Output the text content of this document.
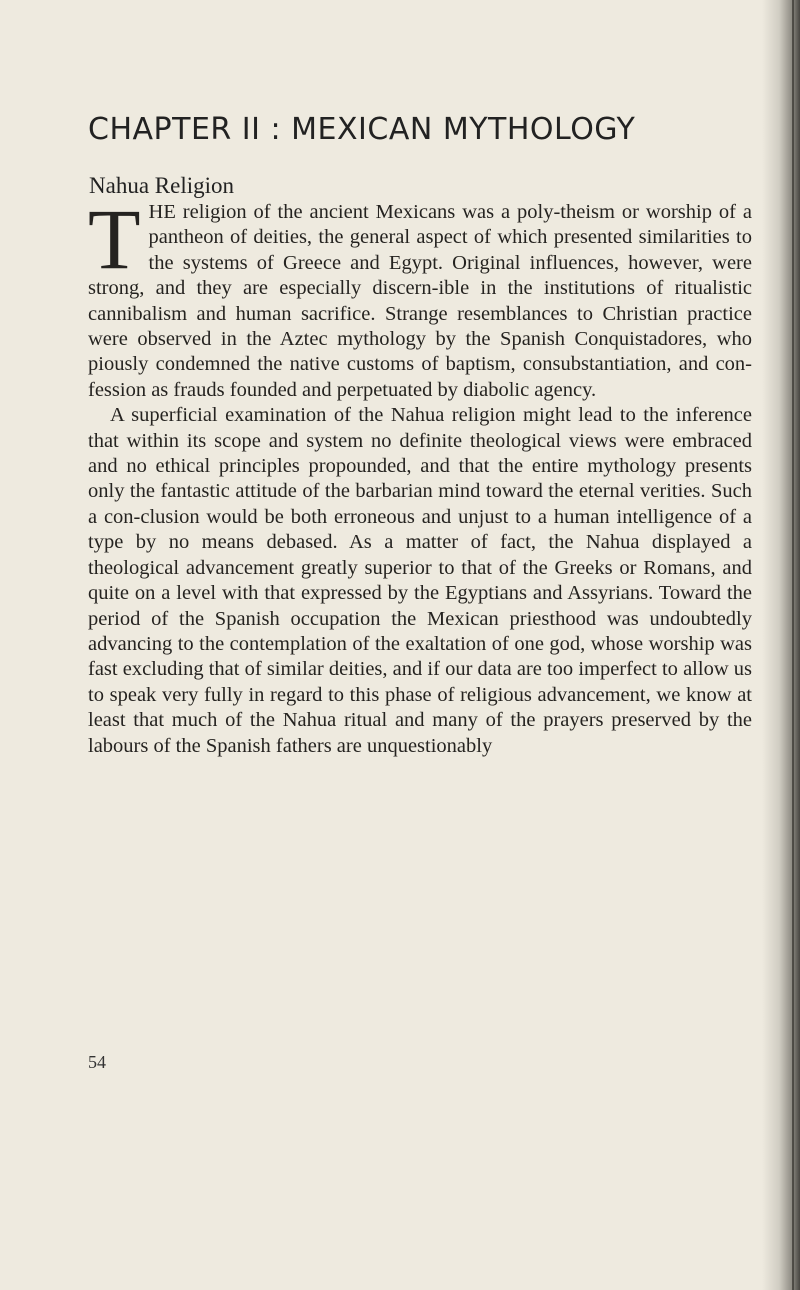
CHAPTER II : MEXICAN MYTHOLOGY
Nahua Religion

THE religion of the ancient Mexicans was a poly-theism or worship of a pantheon of deities, the general aspect of which presented similarities to the systems of Greece and Egypt. Original influences, however, were strong, and they are especially discern-ible in the institutions of ritualistic cannibalism and human sacrifice. Strange resemblances to Christian practice were observed in the Aztec mythology by the Spanish Conquistadores, who piously condemned the native customs of baptism, consubstantiation, and con-fession as frauds founded and perpetuated by diabolic agency.

A superficial examination of the Nahua religion might lead to the inference that within its scope and system no definite theological views were embraced and no ethical principles propounded, and that the entire mythology presents only the fantastic attitude of the barbarian mind toward the eternal verities. Such a con-clusion would be both erroneous and unjust to a human intelligence of a type by no means debased. As a matter of fact, the Nahua displayed a theological advancement greatly superior to that of the Greeks or Romans, and quite on a level with that expressed by the Egyptians and Assyrians. Toward the period of the Spanish occupation the Mexican priesthood was undoubtedly advancing to the contemplation of the exaltation of one god, whose worship was fast excluding that of similar deities, and if our data are too imperfect to allow us to speak very fully in regard to this phase of religious advancement, we know at least that much of the Nahua ritual and many of the prayers preserved by the labours of the Spanish fathers are unquestionably

54
